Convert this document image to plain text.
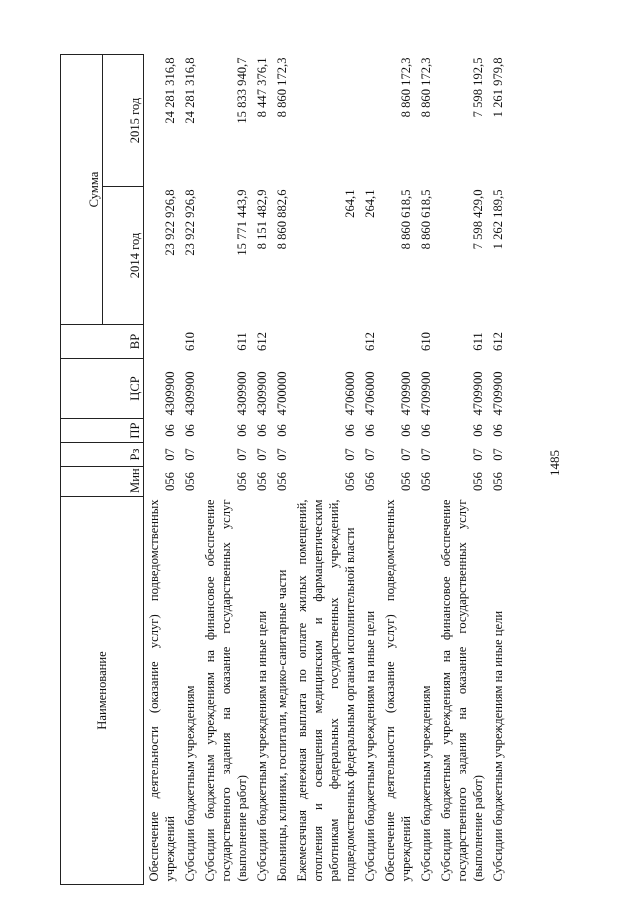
1485
Наименование	Мин	Рз	ПР	ЦСР	ВР	Сумма	
						2014 год	2015 год
Обеспечение деятельности (оказание услуг) подведомственных учреждений	056	07	06	4309900		23 922 926,8	24 281 316,8
Субсидии бюджетным учреждениям	056	07	06	4309900	610	23 922 926,8	24 281 316,8
Субсидии бюджетным учреждениям на финансовое обеспечение государственного задания на оказание государственных услуг (выполнение работ)	056	07	06	4309900	611	15 771 443,9	15 833 940,7
Субсидии бюджетным учреждениям на иные цели	056	07	06	4309900	612	8 151 482,9	8 447 376,1
Больницы, клиники, госпитали, медико-санитарные части	056	07	06	4700000		8 860 882,6	8 860 172,3
Ежемесячная денежная выплата по оплате жилых помещений, отопления и освещения медицинским и фармацевтическим работникам федеральных государственных учреждений, подведомственных федеральным органам исполнительной власти	056	07	06	4706000		264,1	
Субсидии бюджетным учреждениям на иные цели	056	07	06	4706000	612	264,1	
Обеспечение деятельности (оказание услуг) подведомственных учреждений	056	07	06	4709900		8 860 618,5	8 860 172,3
Субсидии бюджетным учреждениям	056	07	06	4709900	610	8 860 618,5	8 860 172,3
Субсидии бюджетным учреждениям на финансовое обеспечение государственного задания на оказание государственных услуг (выполнение работ)	056	07	06	4709900	611	7 598 429,0	7 598 192,5
Субсидии бюджетным учреждениям на иные цели	056	07	06	4709900	612	1 262 189,5	1 261 979,8
